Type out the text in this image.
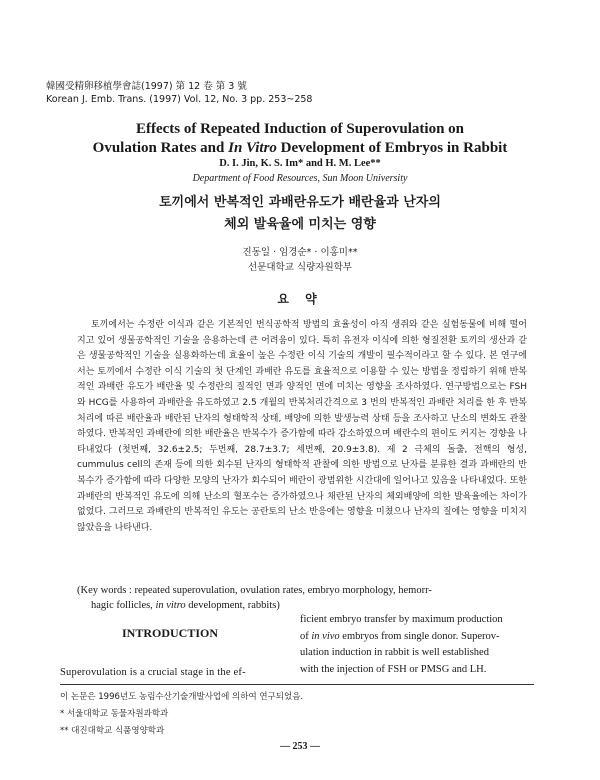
韓國受精卵移植學會誌(1997) 第 12 卷 第 3 號
Korean J. Emb. Trans. (1997) Vol. 12, No. 3 pp. 253~258
Effects of Repeated Induction of Superovulation on
Ovulation Rates and In Vitro Development of Embryos in Rabbit
D. I. Jin, K. S. Im* and H. M. Lee**
Department of Food Resources, Sun Moon University
토끼에서 반복적인 과배란유도가 배란율과 난자의
체외 발육율에 미치는 영향
진동일 · 임경순* · 이홍미**
선문대학교 식량자원학부
요 약

토끼에서는 수정란 이식과 같은 기본적인 번식공학적 방법의 효율성이 아직 생쥐와 같은 실험동물에 비해 떨어지고 있어 생물공학적인 기술을 응용하는데 큰 어려움이 있다. 특히 유전자 이식에 의한 형질전환 토끼의 생산과 같은 생물공학적인 기술을 실용화하는데 효율이 높은 수정란 이식 기술의 개발이 필수적이라고 할 수 있다. 본 연구에서는 토끼에서 수정란 이식 기술의 첫 단계인 과배란 유도를 효율적으로 이용할 수 있는 방법을 정립하기 위해 반복적인 과배란 유도가 배란율 및 수정란의 질적인 면과 양적인 면에 미치는 영향을 조사하였다. 연구방법으로는 FSH와 HCG를 사용하여 과배란을 유도하였고 2.5 개월의 반복처리간격으로 3 번의 반복적인 과배란 처리를 한 후 반복처리에 따른 배란율과 배란된 난자의 형태학적 상태, 배양에 의한 발생능력 상태 등을 조사하고 난소의 변화도 관찰하였다. 반복적인 과배란에 의한 배란율은 반복수가 증가함에 따라 감소하였으며 배란수의 편이도 커지는 경향을 나타내었다 (첫번째, 32.6±2.5; 두번째, 28.7±3.7; 세번째, 20.9±3.8). 제 2 극체의 돌출, 전핵의 형성, cummulus cell의 존재 등에 의한 회수된 난자의 형태학적 관찰에 의한 방법으로 난자를 분류한 결과 과배란의 반복수가 증가함에 따라 다양한 모양의 난자가 회수되어 배란이 광범위한 시간대에 일어나고 있음을 나타내었다. 또한 과배란의 반복적인 유도에 의해 난소의 혈포수는 증가하였으나 채란된 난자의 체외배양에 의한 발육율에는 차이가 없었다. 그러므로 과배란의 반복적인 유도는 공란토의 난소 반응에는 영향을 미쳤으나 난자의 질에는 영향을 미치지 않았음을 나타낸다.

(Key words : repeated superovulation, ovulation rates, embryo morphology, hemorr-
hagic follicles, in vitro development, rabbits)
INTRODUCTION
Superovulation is a crucial stage in the ef-
ficient embryo transfer by maximum production
of in vivo embryos from single donor. Superov-
ulation induction in rabbit is well established
with the injection of FSH or PMSG and LH.
이 논문은 1996년도 농림수산기술개발사업에 의하여 연구되었음.
* 서울대학교 동물자원과학과
** 대진대학교 식품영양학과
— 253 —
